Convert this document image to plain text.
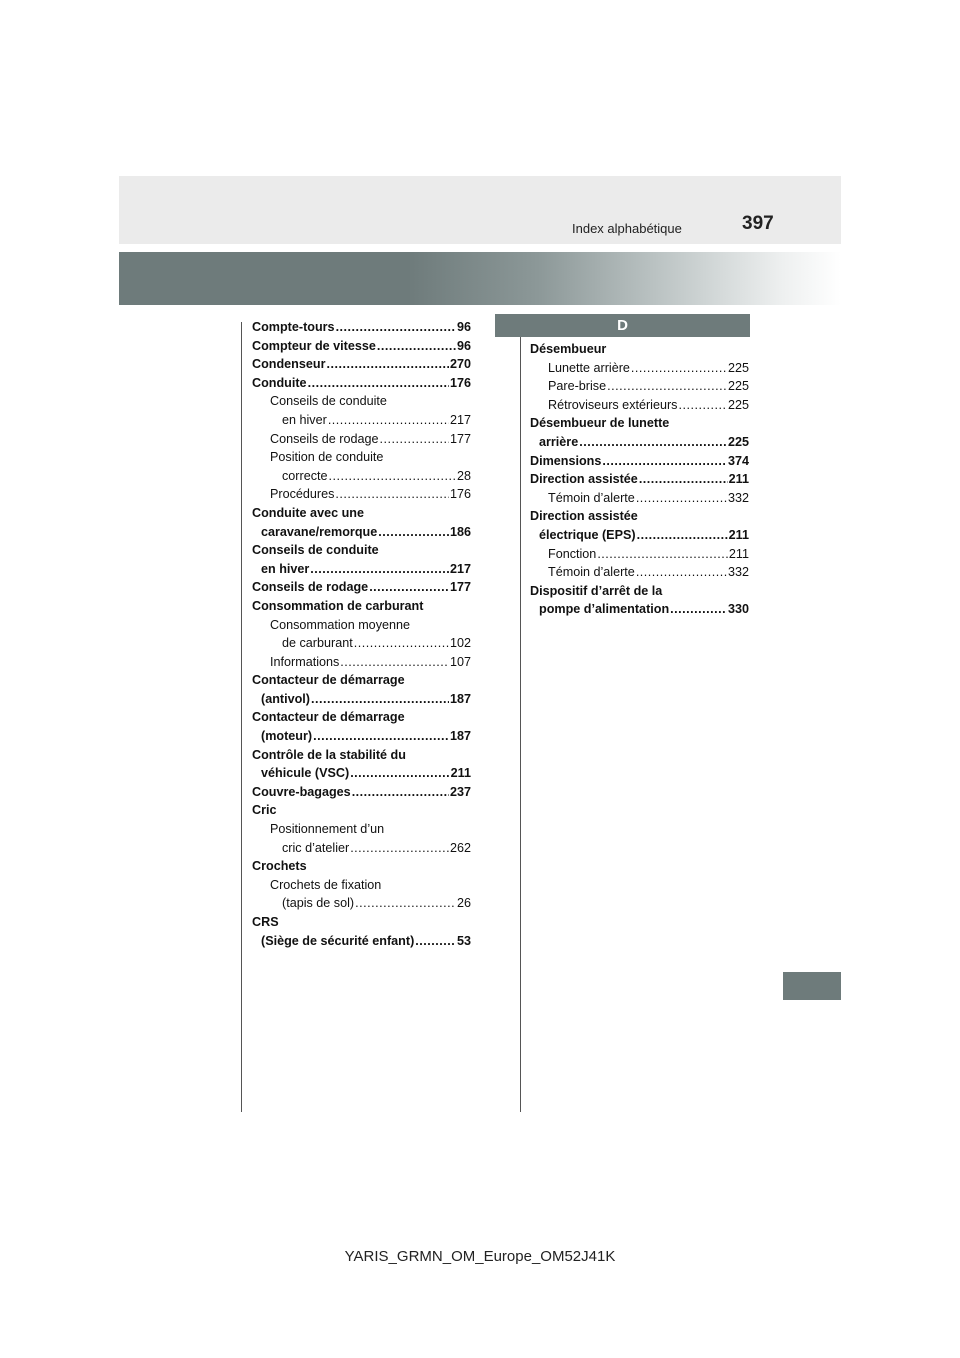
Index alphabétique	397
Compte-tours .....	96
Compteur de vitesse .....	96
Condenseur .....	270
Conduite .....	176
Conseils de conduite
en hiver .....	217
Conseils de rodage .....	177
Position de conduite
correcte .....	28
Procédures .....	176
Conduite avec une
caravane/remorque .....	186
Conseils de conduite
en hiver .....	217
Conseils de rodage .....	177
Consommation de carburant
Consommation moyenne
de carburant .....	102
Informations .....	107
Contacteur de démarrage
(antivol) .....	187
Contacteur de démarrage
(moteur) .....	187
Contrôle de la stabilité du
véhicule (VSC) .....	211
Couvre-bagages .....	237
Cric
Positionnement d’un
cric d’atelier .....	262
Crochets
Crochets de fixation
(tapis de sol) .....	26
CRS
(Siège de sécurité enfant) .....	53
D
Désembueur
Lunette arrière .....	225
Pare-brise .....	225
Rétroviseurs extérieurs .....	225
Désembueur de lunette
arrière .....	225
Dimensions .....	374
Direction assistée .....	211
Témoin d’alerte .....	332
Direction assistée
électrique (EPS) .....	211
Fonction .....	211
Témoin d’alerte .....	332
Dispositif d’arrêt de la
pompe d’alimentation .....	330
YARIS_GRMN_OM_Europe_OM52J41K
